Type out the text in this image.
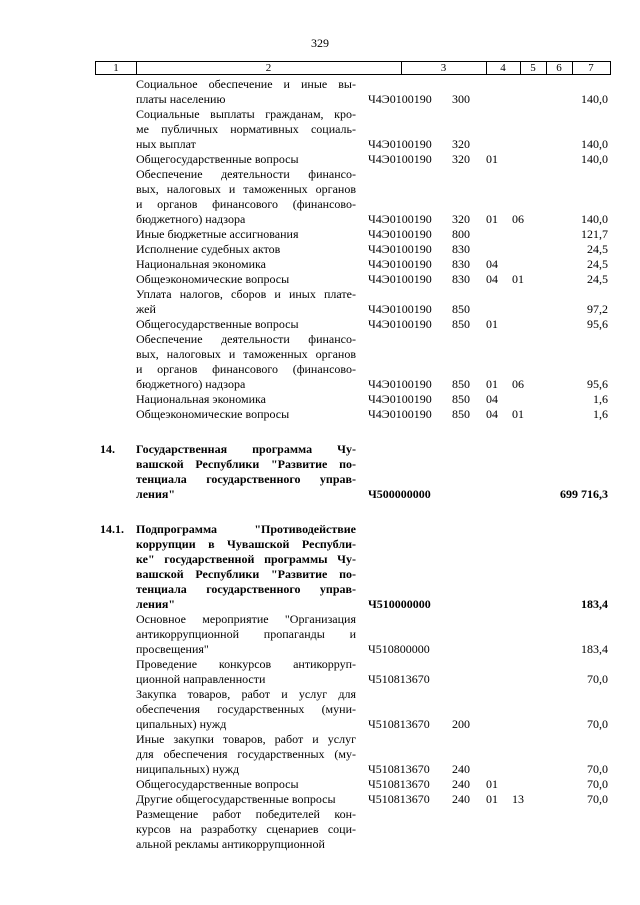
329
1	2	3	4	5	6	7
Социальное обеспечение и иные вы-
платы населению	Ч4Э0100190 300	140,0
Социальные выплаты гражданам, кро-
ме публичных нормативных социаль-
ных выплат	Ч4Э0100190 320	140,0
Общегосударственные вопросы	Ч4Э0100190 320 01	140,0
Обеспечение деятельности финансо-
вых, налоговых и таможенных органов
и органов финансового (финансово-
бюджетного) надзора	Ч4Э0100190 320 01 06	140,0
Иные бюджетные ассигнования	Ч4Э0100190 800	121,7
Исполнение судебных актов	Ч4Э0100190 830	24,5
Национальная экономика	Ч4Э0100190 830 04	24,5
Общеэкономические вопросы	Ч4Э0100190 830 04 01	24,5
Уплата налогов, сборов и иных плате-
жей	Ч4Э0100190 850	97,2
Общегосударственные вопросы	Ч4Э0100190 850 01	95,6
Обеспечение деятельности финансо-
вых, налоговых и таможенных органов
и органов финансового (финансово-
бюджетного) надзора	Ч4Э0100190 850 01 06	95,6
Национальная экономика	Ч4Э0100190 850 04	1,6
Общеэкономические вопросы	Ч4Э0100190 850 04 01	1,6
14.	Государственная программа Чу-
вашской Республики "Развитие по-
тенциала государственного управ-
ления"	Ч500000000	699 716,3
14.1.	Подпрограмма "Противодействие
коррупции в Чувашской Республи-
ке" государственной программы Чу-
вашской Республики "Развитие по-
тенциала государственного управ-
ления"	Ч510000000	183,4
Основное мероприятие "Организация
антикоррупционной пропаганды и
просвещения"	Ч510800000	183,4
Проведение конкурсов антикорруп-
ционной направленности	Ч510813670	70,0
Закупка товаров, работ и услуг для
обеспечения государственных (муни-
ципальных) нужд	Ч510813670 200	70,0
Иные закупки товаров, работ и услуг
для обеспечения государственных (му-
ниципальных) нужд	Ч510813670 240	70,0
Общегосударственные вопросы	Ч510813670 240 01	70,0
Другие общегосударственные вопросы	Ч510813670 240 01 13	70,0
Размещение работ победителей кон-
курсов на разработку сценариев соци-
альной рекламы антикоррупционной
